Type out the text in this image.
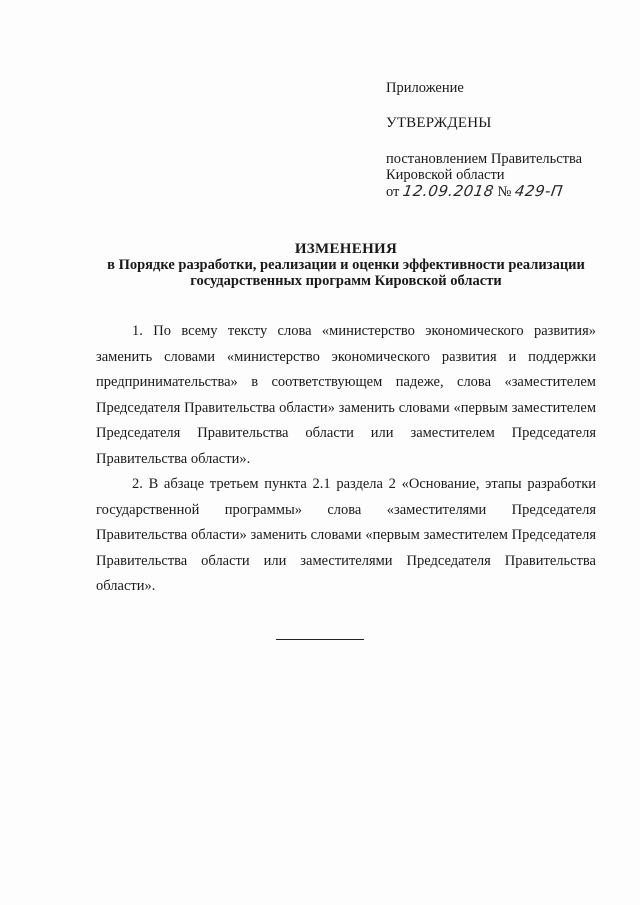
Приложение

УТВЕРЖДЕНЫ

постановлением Правительства

Кировской области

от 12.09.2018 № 429-П

ИЗМЕНЕНИЯ
в Порядке разработки, реализации и оценки эффективности реализации
государственных программ Кировской области

1. По всему тексту слова «министерство экономического развития» заменить словами «министерство экономического развития и поддержки предпринимательства» в соответствующем падеже, слова «заместителем Председателя Правительства области» заменить словами «первым заместителем Председателя Правительства области или заместителем Председателя Правительства области».

2. В абзаце третьем пункта 2.1 раздела 2 «Основание, этапы разработки государственной программы» слова «заместителями Председателя Правительства области» заменить словами «первым заместителем Председателя Правительства области или заместителями Председателя Правительства области».
